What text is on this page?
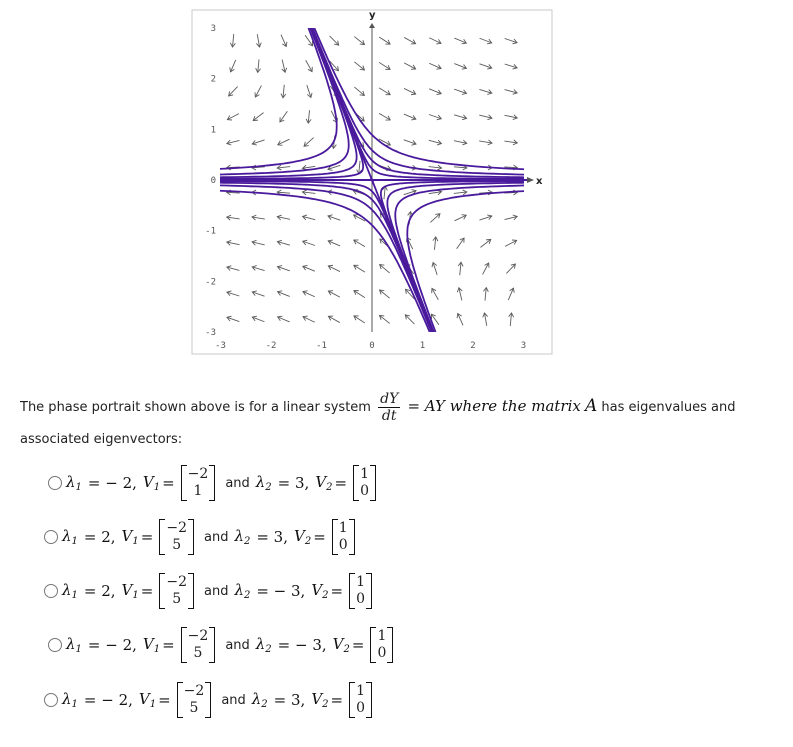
x
y
-3	-2	-1	0	1	2	3
3
2
1
0
-1
-2
-3
The phase portrait shown above is for a linear system $\frac{dY}{dt}$ = AY where the matrix A has eigenvalues and
associated eigenvectors:
$\lambda_1$ = − 2, $V_1 = -2$
1 and $\lambda_2 = 3$, $V_2 = 1$
0
$\lambda_1 = 2$, $V_1 = -2$
5 and $\lambda_2 = 3$, $V_2 = 1$
0
$\lambda_1 = 2$, $V_1 = -2$
5 and $\lambda_2$ = − 3, $V_2 = 1$
0
$\lambda_1$ = − 2, $V_1 = -2$
5 and $\lambda_2$ = − 3, $V_2 = 1$
0
$\lambda_1$ = − 2, $V_1 = -2$
5 and $\lambda_2 = 3$, $V_2 = 1$
0
